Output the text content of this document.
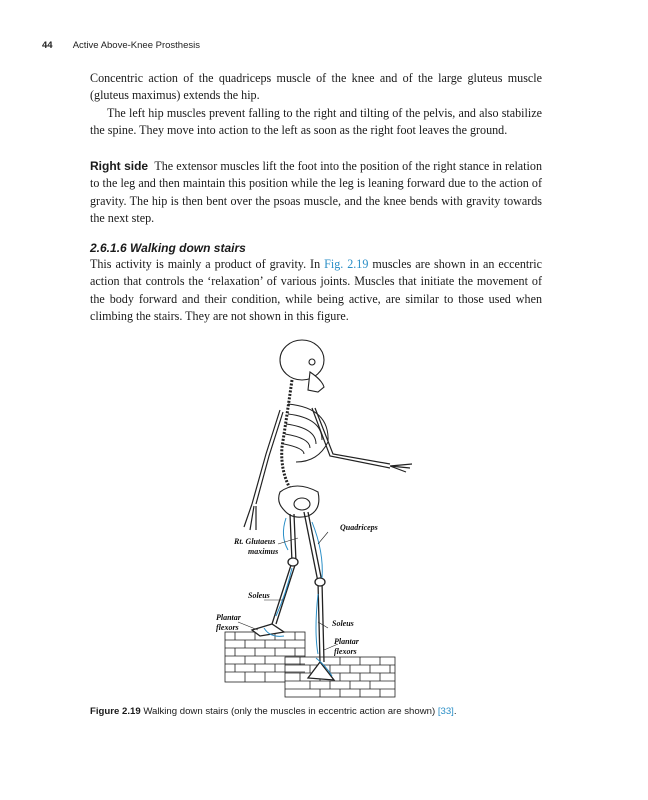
44 Active Above-Knee Prosthesis

Concentric action of the quadriceps muscle of the knee and of the large gluteus muscle (gluteus maximus) extends the hip.

The left hip muscles prevent falling to the right and tilting of the pelvis, and also stabilize the spine. They move into action to the left as soon as the right foot leaves the ground.

Right side The extensor muscles lift the foot into the position of the right stance in relation to the leg and then maintain this position while the leg is leaning forward due to the action of gravity. The hip is then bent over the psoas muscle, and the knee bends with gravity towards the next step.

2.6.1.6 Walking down stairs

This activity is mainly a product of gravity. In Fig. 2.19 muscles are shown in an eccentric action that controls the ‘relaxation’ of various joints. Muscles that initiate the movement of the body forward and their condition, while being active, are similar to those used when climbing the stairs. They are not shown in this figure.

Quadriceps
Rt. Glutaeus
maximus
Soleus
Plantar
flexors	Soleus
Plantar
flexors
Figure 2.19 Walking down stairs (only the muscles in eccentric action are shown) [33].
